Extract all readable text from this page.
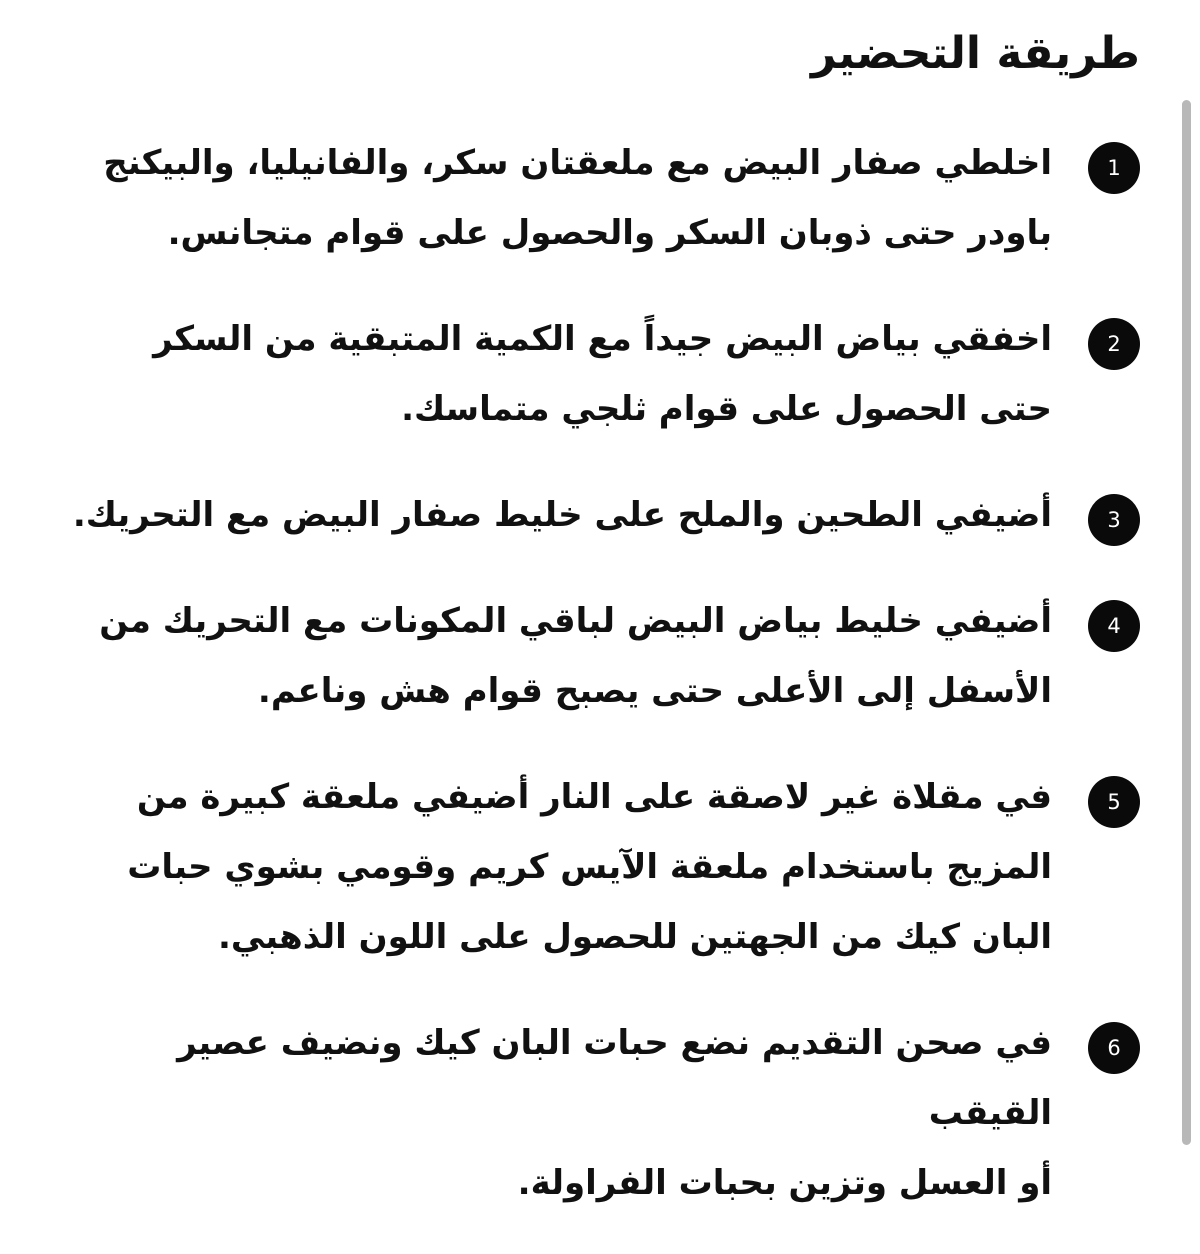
طريقة التحضير
1
اخلطي صفار البيض مع ملعقتان سكر، والفانيليا، والبيكنج
باودر حتى ذوبان السكر والحصول على قوام متجانس.
2
اخفقي بياض البيض جيداً مع الكمية المتبقية من السكر
حتى الحصول على قوام ثلجي متماسك.
3
أضيفي الطحين والملح على خليط صفار البيض مع التحريك.
4
أضيفي خليط بياض البيض لباقي المكونات مع التحريك من
الأسفل إلى الأعلى حتى يصبح قوام هش وناعم.
5
في مقلاة غير لاصقة على النار أضيفي ملعقة كبيرة من
المزيج باستخدام ملعقة الآيس كريم وقومي بشوي حبات
البان كيك من الجهتين للحصول على اللون الذهبي.
6
في صحن التقديم نضع حبات البان كيك ونضيف عصير القيقب
أو العسل وتزين بحبات الفراولة.
